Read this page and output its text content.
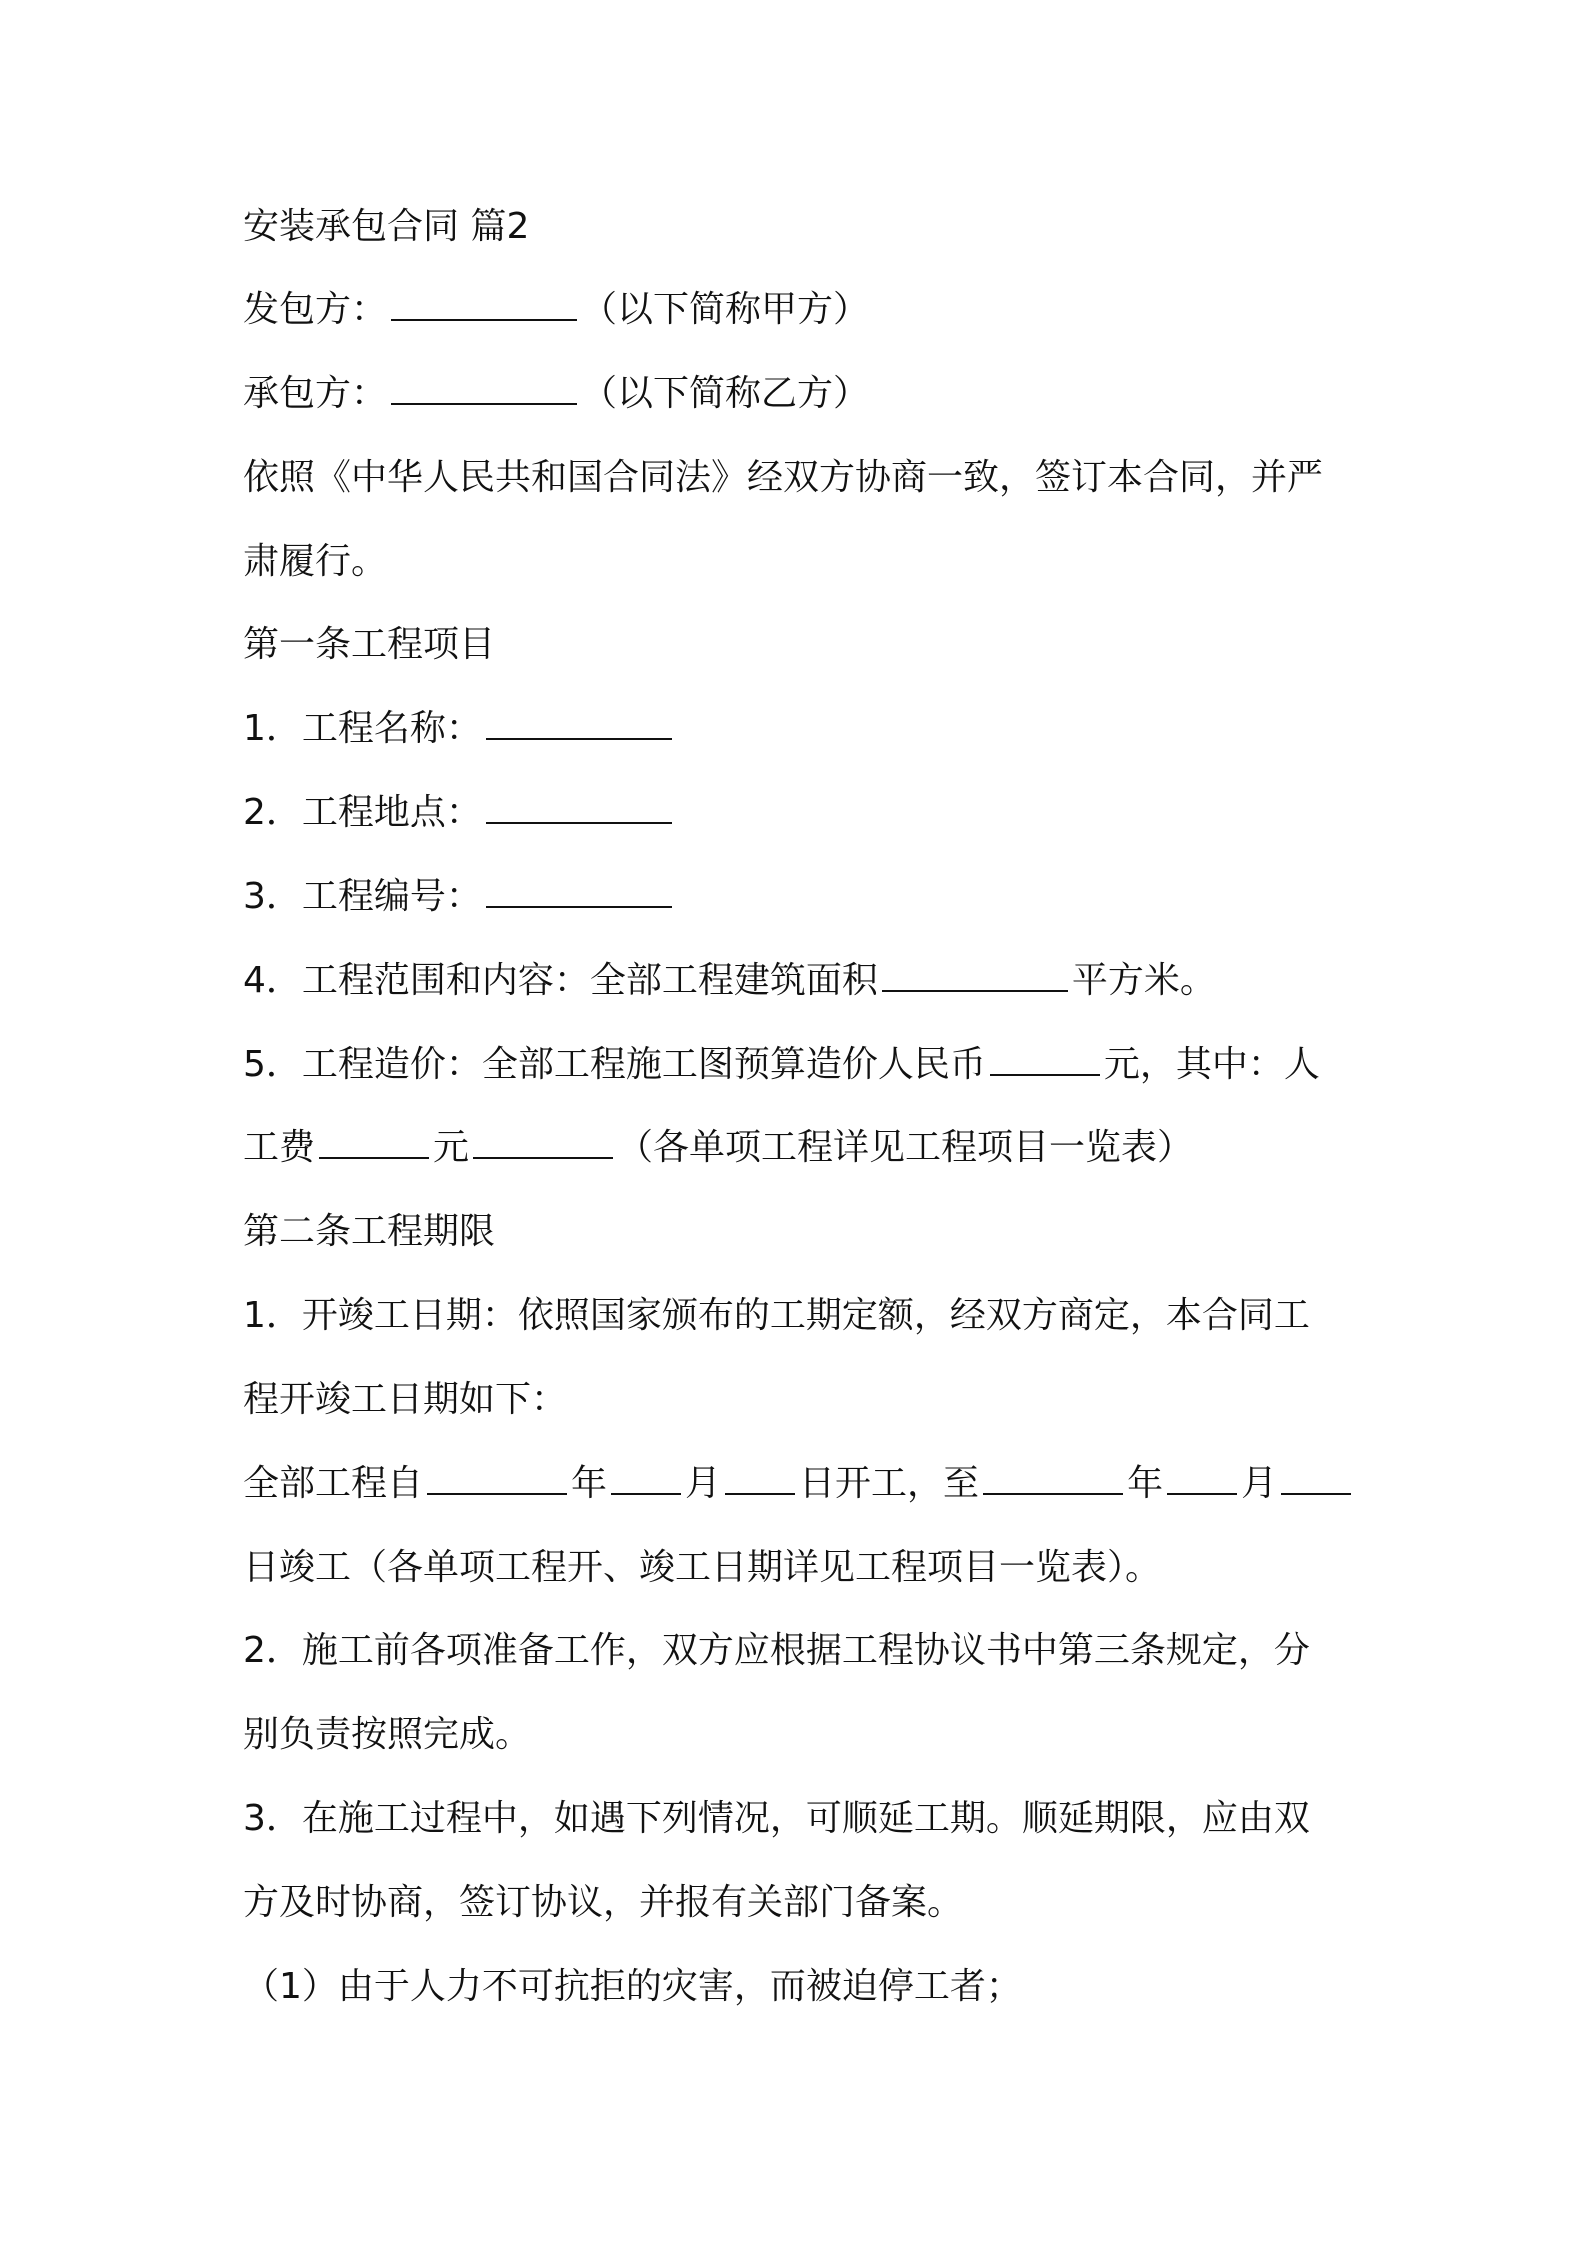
安装承包合同 篇2
发包方：	（以下简称甲方）
承包方：	（以下简称乙方）
依照《中华人民共和国合同法》经双方协商一致，签订本合同，并严
肃履行。
第一条工程项目
1．工程名称：
2．工程地点：
3．工程编号：
4．工程范围和内容：全部工程建筑面积	平方米。
5．工程造价：全部工程施工图预算造价人民币	元，其中：人
工费	元	（各单项工程详见工程项目一览表）
第二条工程期限
1．开竣工日期：依照国家颁布的工期定额，经双方商定，本合同工
程开竣工日期如下：
全部工程自	年 月 日开工，至	年 月
日竣工（各单项工程开、竣工日期详见工程项目一览表）。
2．施工前各项准备工作，双方应根据工程协议书中第三条规定，分
别负责按照完成。
3．在施工过程中，如遇下列情况，可顺延工期。顺延期限，应由双
方及时协商，签订协议，并报有关部门备案。
（1）由于人力不可抗拒的灾害，而被迫停工者；
